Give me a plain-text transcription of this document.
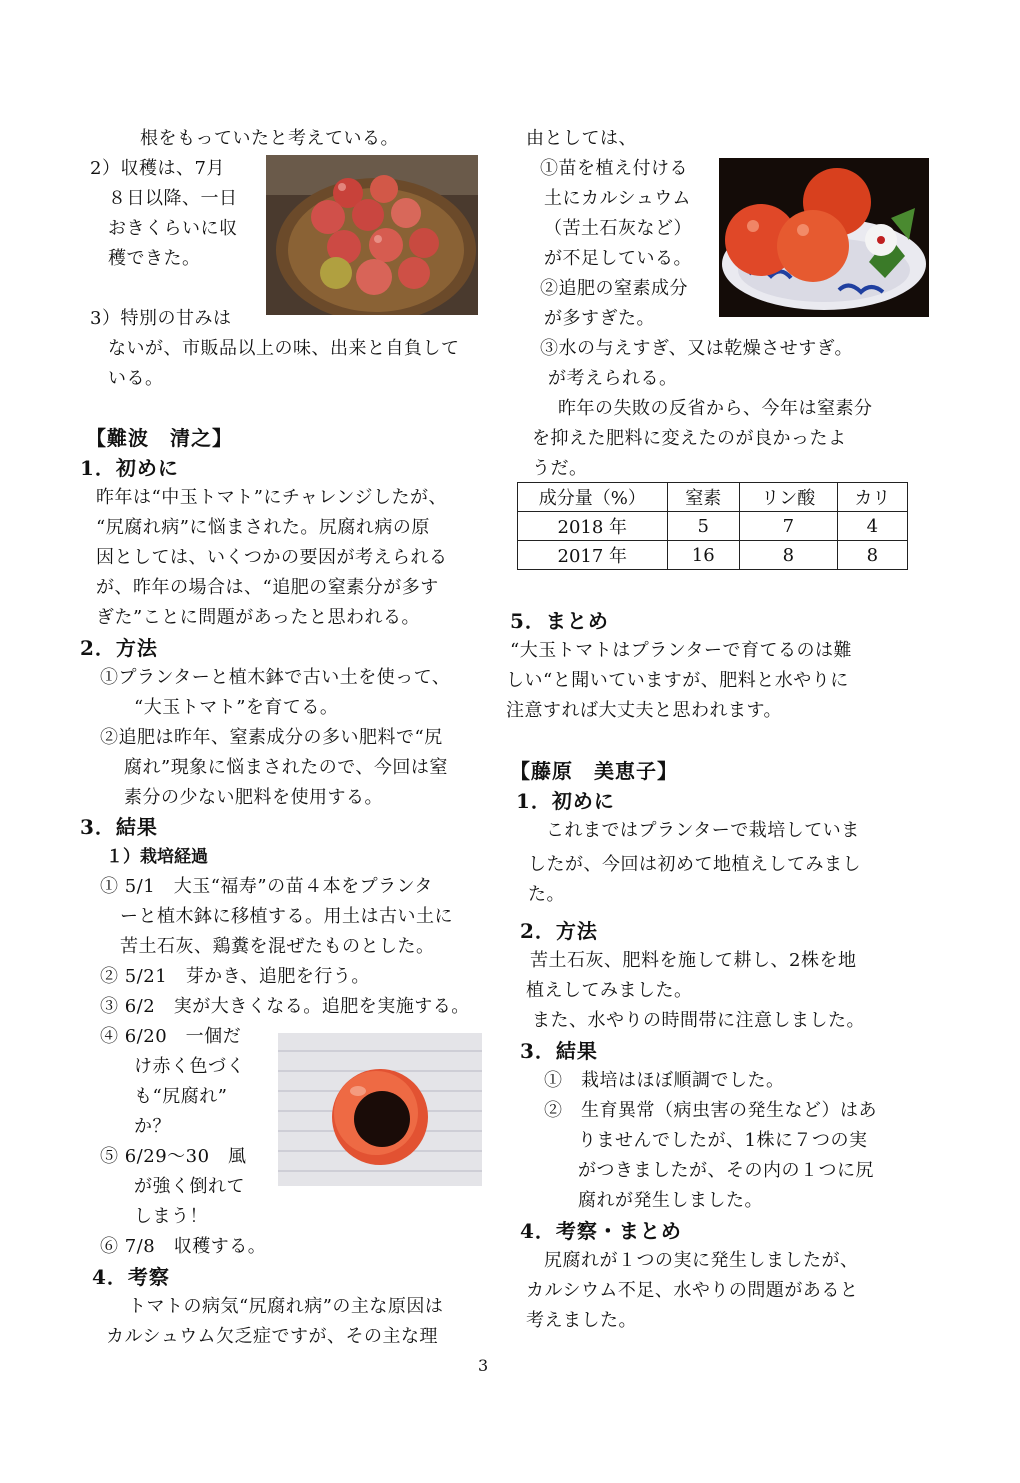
根をもっていたと考えている。
2）収穫は、7月
８日以降、一日
おきくらいに収
穫できた。
3）特別の甘みは
ないが、市販品以上の味、出来と自負して
いる。
【難波　清之】
1．初めに
昨年は“中玉トマト”にチャレンジしたが、
“尻腐れ病”に悩まされた。尻腐れ病の原
因としては、いくつかの要因が考えられる
が、昨年の場合は、“追肥の窒素分が多す
ぎた”ことに問題があったと思われる。
2．方法
①プランターと植木鉢で古い土を使って、
“大玉トマト”を育てる。
②追肥は昨年、窒素成分の多い肥料で“尻
腐れ”現象に悩まされたので、今回は窒
素分の少ない肥料を使用する。
3．結果
１）栽培経過
① 5/1　大玉“福寿”の苗４本をプランタ
ーと植木鉢に移植する。用土は古い土に
苦土石灰、鶏糞を混ぜたものとした。
② 5/21　芽かき、追肥を行う。
③ 6/2　実が大きくなる。追肥を実施する。
④ 6/20　一個だ
け赤く色づく
も“尻腐れ”
か？
⑤ 6/29～30　風
が強く倒れて
しまう！
⑥ 7/8　収穫する。
4．考察
トマトの病気“尻腐れ病”の主な原因は
カルシュウム欠乏症ですが、その主な理
由としては、
①苗を植え付ける
土にカルシュウム
（苦土石灰など）
が不足している。
②追肥の窒素成分
が多すぎた。
③水の与えすぎ、又は乾燥させすぎ。
が考えられる。
昨年の失敗の反省から、今年は窒素分
を抑えた肥料に変えたのが良かったよ
うだ。
成分量（%）	窒素	リン酸	カリ
2018 年	5	7	4
2017 年	16	8	8
5．まとめ
“大玉トマトはプランターで育てるのは難
しい“と聞いていますが、肥料と水やりに
注意すれば大丈夫と思われます。
【藤原　美恵子】
1．初めに
これまではプランターで栽培していま
したが、今回は初めて地植えしてみまし
た。
2．方法
苦土石灰、肥料を施して耕し、2株を地
植えしてみました。
また、水やりの時間帯に注意しました。
3．結果
①　栽培はほぼ順調でした。
②　生育異常（病虫害の発生など）はあ
りませんでしたが、1株に７つの実
がつきましたが、その内の１つに尻
腐れが発生しました。
4．考察・まとめ
尻腐れが１つの実に発生しましたが、
カルシウム不足、水やりの問題があると
考えました。
3
